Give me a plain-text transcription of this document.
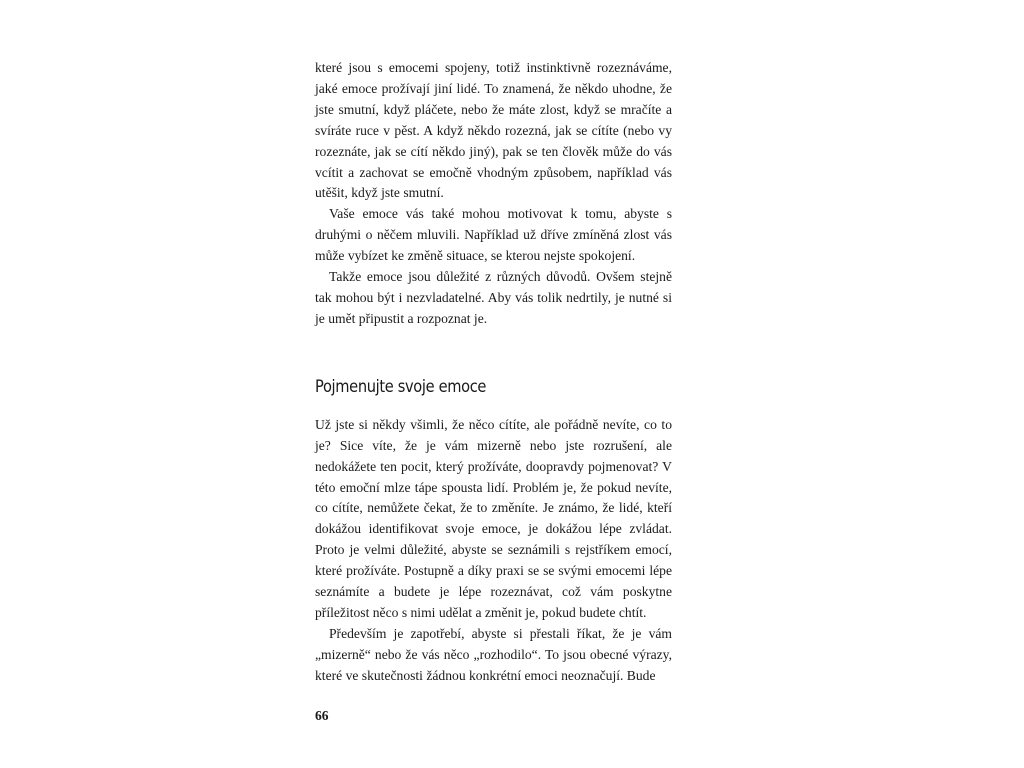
které jsou s emocemi spojeny, totiž instinktivně rozeznáváme, jaké emoce prožívají jiní lidé. To znamená, že někdo uhodne, že jste smutní, když pláčete, nebo že máte zlost, když se mračíte a svíráte ruce v pěst. A když někdo rozezná, jak se cítíte (nebo vy rozeznáte, jak se cítí někdo jiný), pak se ten člověk může do vás vcítit a zachovat se emočně vhodným způsobem, například vás utěšit, když jste smutní.

Vaše emoce vás také mohou motivovat k tomu, abyste s druhými o něčem mluvili. Například už dříve zmíněná zlost vás může vybízet ke změně situace, se kterou nejste spokojení.

Takže emoce jsou důležité z různých důvodů. Ovšem stejně tak mohou být i nezvladatelné. Aby vás tolik nedrtily, je nutné si je umět připustit a rozpoznat je.

Pojmenujte svoje emoce

Už jste si někdy všimli, že něco cítíte, ale pořádně nevíte, co to je? Sice víte, že je vám mizerně nebo jste rozrušení, ale nedokážete ten pocit, který prožíváte, doopravdy pojmenovat? V této emoční mlze tápe spousta lidí. Problém je, že pokud nevíte, co cítíte, nemůžete čekat, že to změníte. Je známo, že lidé, kteří dokážou identifikovat svoje emoce, je dokážou lépe zvládat. Proto je velmi důležité, abyste se seznámili s rejstříkem emocí, které prožíváte. Postupně a díky praxi se se svými emocemi lépe seznámíte a budete je lépe rozeznávat, což vám poskytne příležitost něco s nimi udělat a změnit je, pokud budete chtít.

Především je zapotřebí, abyste si přestali říkat, že je vám „mizerně“ nebo že vás něco „rozhodilo“. To jsou obecné výrazy, které ve skutečnosti žádnou konkrétní emoci neoznačují. Bude

66
